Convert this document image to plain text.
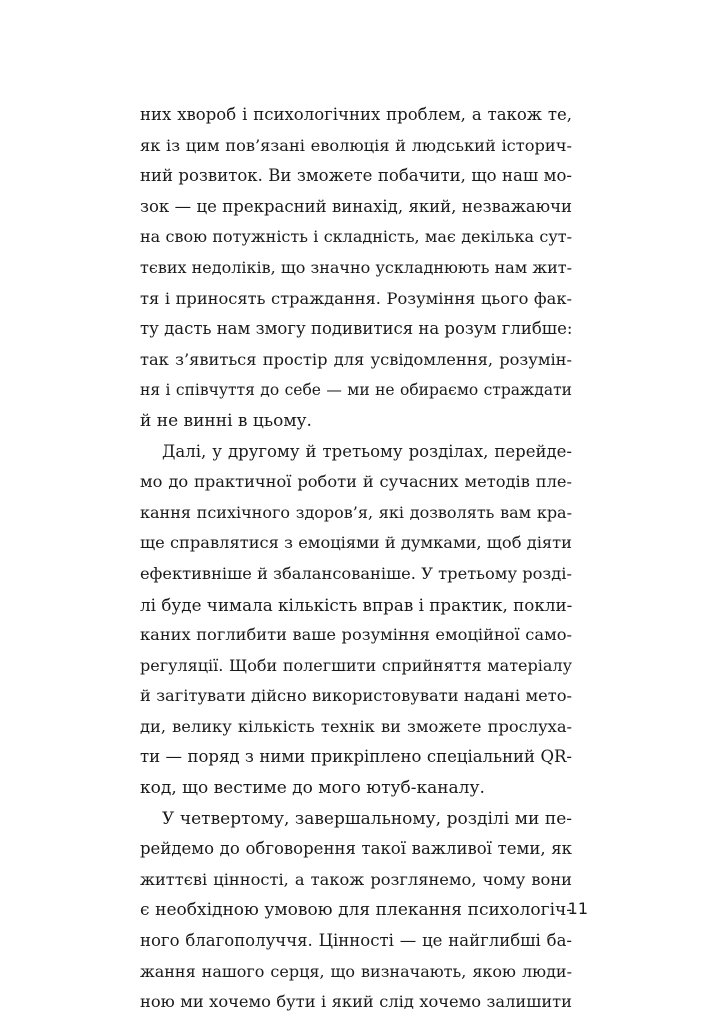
них хвороб і психологічних проблем, а також те,
як із цим пов’язані еволюція й людський історич-
ний розвиток. Ви зможете побачити, що наш мо-
зок — це прекрасний винахід, який, незважаючи
на свою потужність і складність, має декілька сут-
тєвих недоліків, що значно ускладнюють нам жит-
тя і приносять страждання. Розуміння цього фак-
ту дасть нам змогу подивитися на розум глибше:
так з’явиться простір для усвідомлення, розумін-
ня і співчуття до себе — ми не обираємо страждати
й не винні в цьому.
Далі, у другому й третьому розділах, перейде-
мо до практичної роботи й сучасних методів пле-
кання психічного здоров’я, які дозволять вам кра-
ще справлятися з емоціями й думками, щоб діяти
ефективніше й збалансованіше. У третьому розді-
лі буде чимала кількість вправ і практик, покли-
каних поглибити ваше розуміння емоційної само-
регуляції. Щоби полегшити сприйняття матеріалу
й загітувати дійсно використовувати надані мето-
ди, велику кількість технік ви зможете прослуха-
ти — поряд з ними прикріплено спеціальний QR-
код, що вестиме до мого ютуб-каналу.
У четвертому, завершальному, розділі ми пе-
рейдемо до обговорення такої важливої теми, як
життєві цінності, а також розглянемо, чому вони
є необхідною умовою для плекання психологіч-
ного благополуччя. Цінності — це найглибші ба-
жання нашого серця, що визначають, якою люди-
ною ми хочемо бути і який слід хочемо залишити
11
